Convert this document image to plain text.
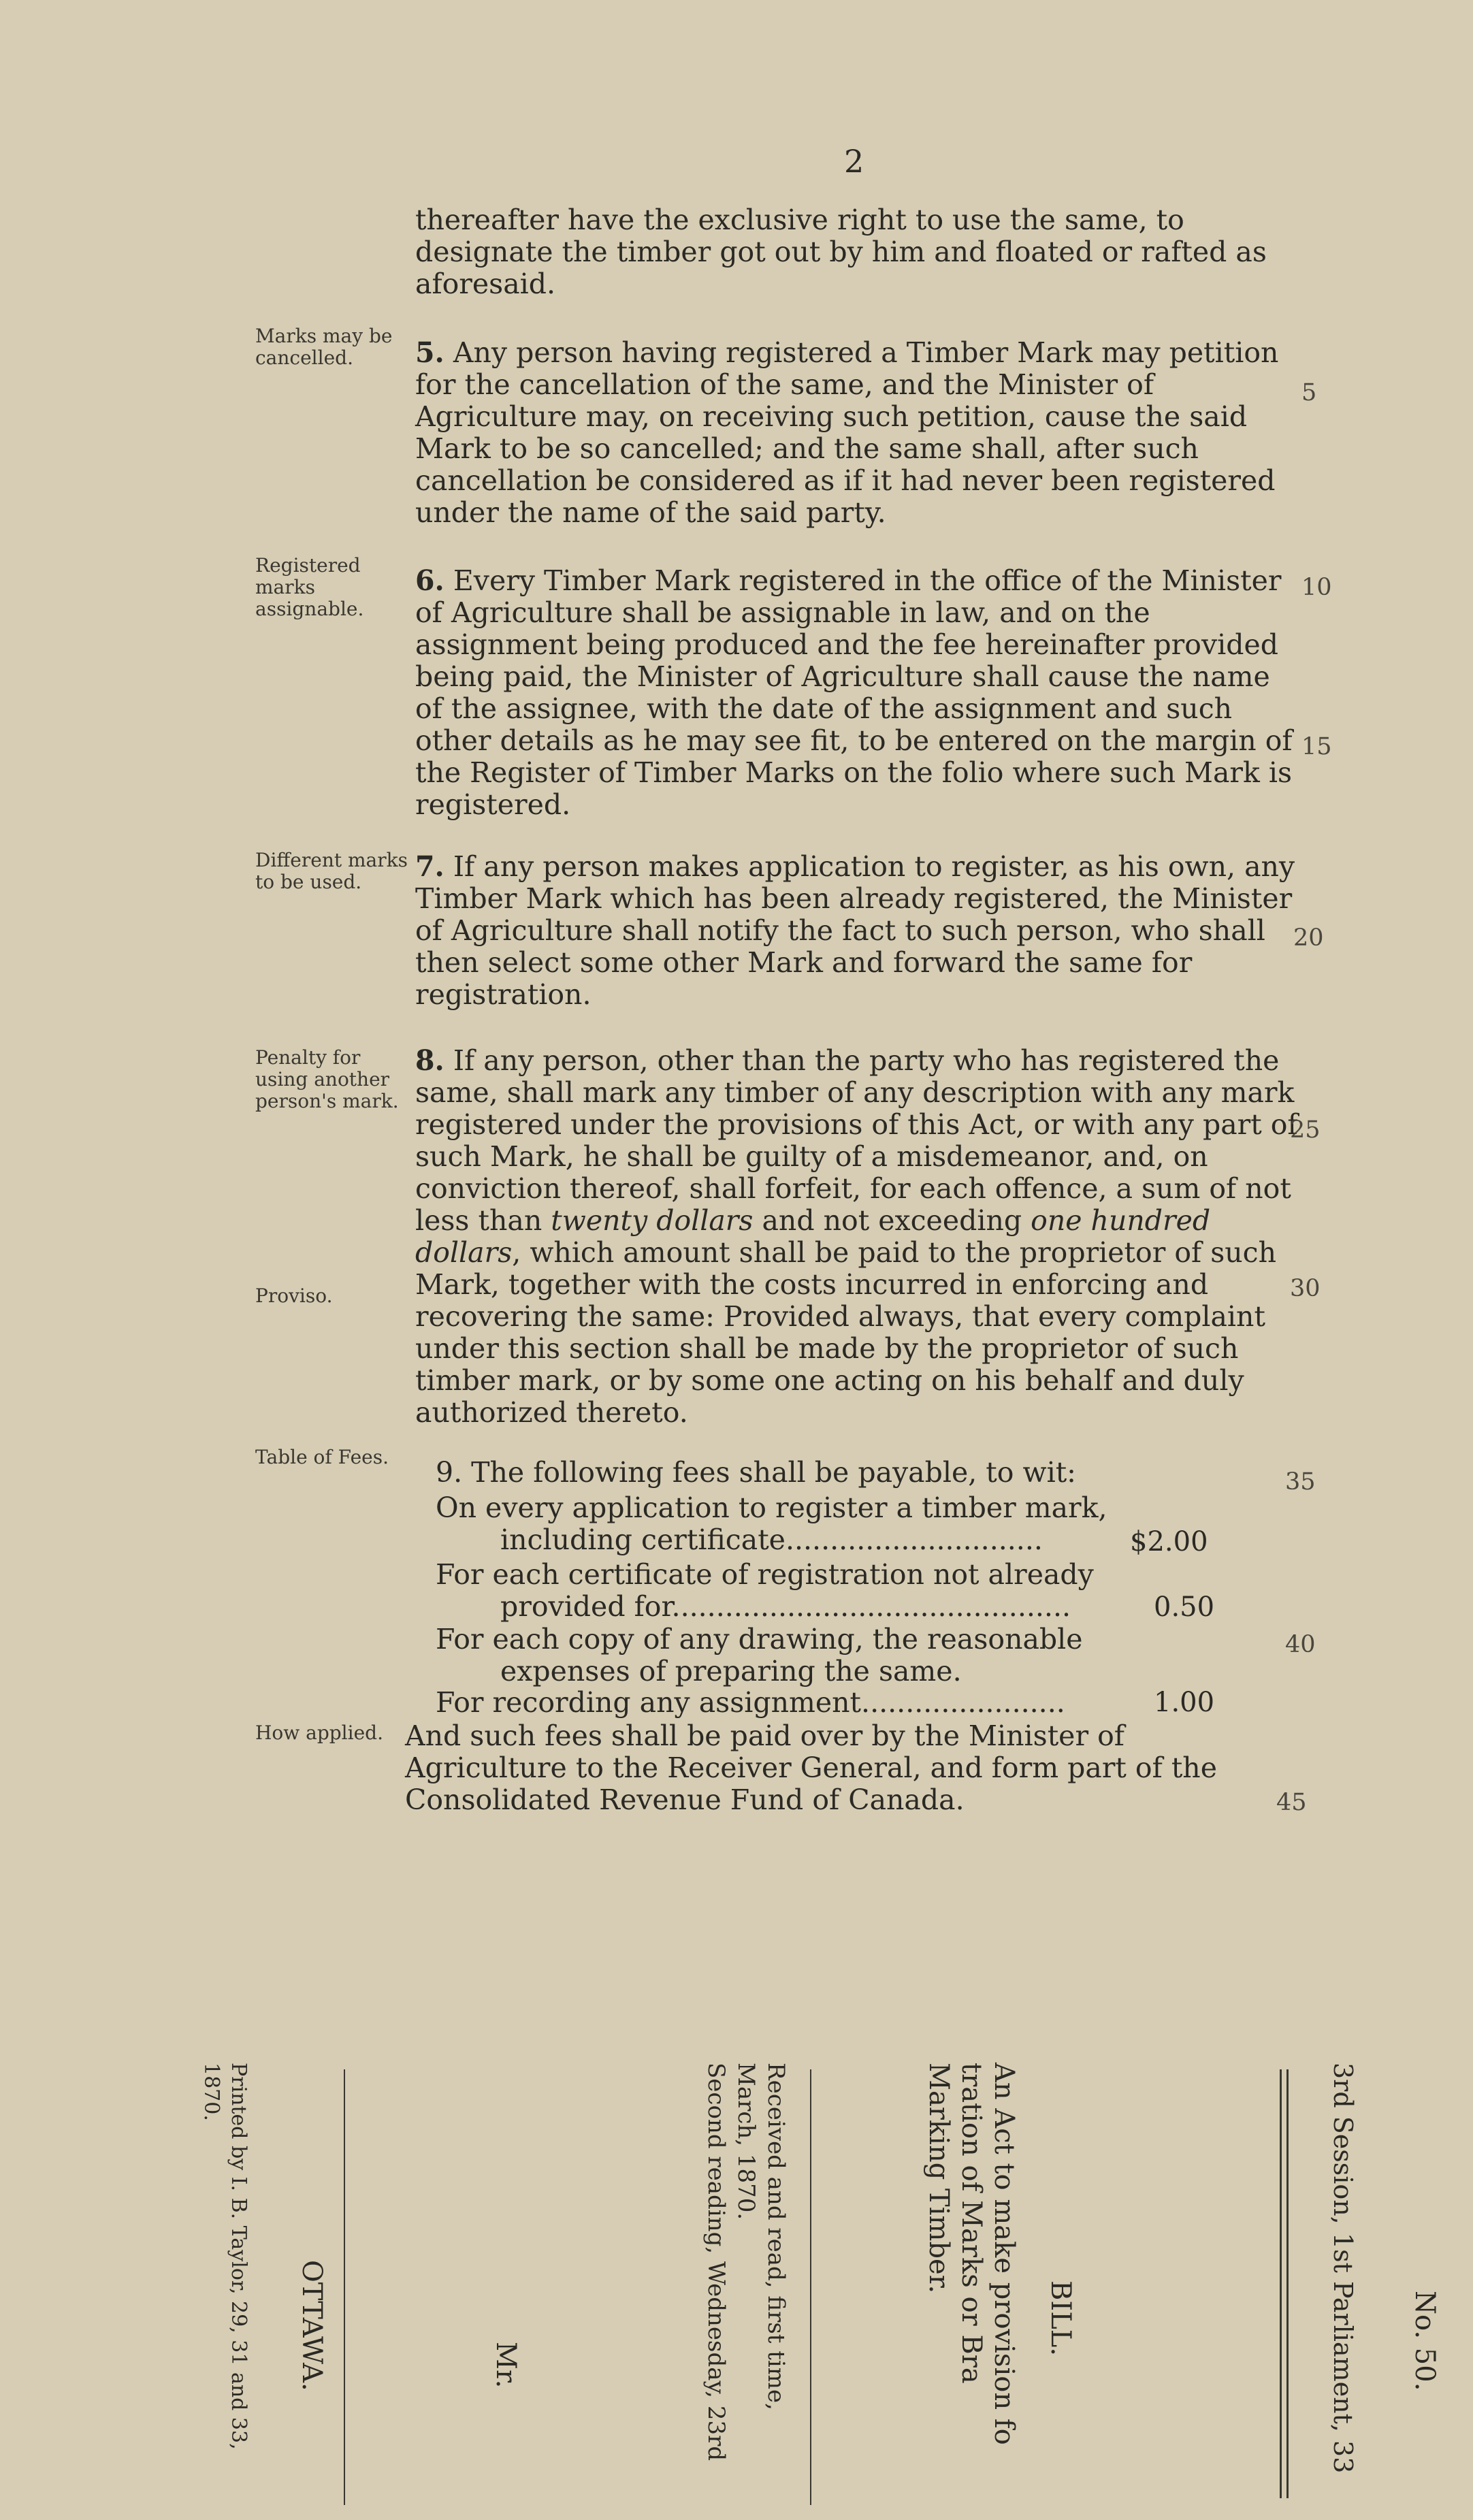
2
thereafter have the exclusive right to use the same, to designate the timber got out by him and floated or rafted as aforesaid.
Marks may be cancelled.	5. Any person having registered a Timber Mark may petition for the cancellation of the same, and the Minister of Agriculture may, on receiving such petition, cause the said Mark to be so cancelled; and the same shall, after such cancellation be considered as if it had never been registered under the name of the said party.
Registered marks assignable.
6. Every Timber Mark registered in the office of the Minister of Agriculture shall be assignable in law, and on the assignment being produced and the fee hereinafter provided being paid, the Minister of Agriculture shall cause the name of the assignee, with the date of the assignment and such other details as he may see fit, to be entered on the margin of the Register of Timber Marks on the folio where such Mark is registered.
Different marks to be used.	7. If any person makes application to register, as his own, any Timber Mark which has been already registered, the Minister of Agriculture shall notify the fact to such person, who shall then select some other Mark and forward the same for registration.
Penalty for using another person's mark.
Proviso.
8. If any person, other than the party who has registered the same, shall mark any timber of any description with any mark registered under the provisions of this Act, or with any part of such Mark, he shall be guilty of a misdemeanor, and, on conviction thereof, shall forfeit, for each offence, a sum of not less than twenty dollars and not exceeding one hundred dollars, which amount shall be paid to the proprietor of such Mark, together with the costs incurred in enforcing and recovering the same: Provided always, that every complaint under this section shall be made by the proprietor of such timber mark, or by some one acting on his behalf and duly authorized thereto.
Table of Fees.	9. The following fees shall be payable, to wit:
On every application to register a timber mark,
including certificate.............................	$2.00
For each certificate of registration not already
provided for.............................................	0.50
For each copy of any drawing, the reasonable
expenses of preparing the same.
For recording any assignment.......................	1.00
How applied. And such fees shall be paid over by the Minister of Agriculture to the Receiver General, and form part of the Consolidated Revenue Fund of Canada.
5
10
15
20
25
30
35
40
45
No. 50.
3rd Session, 1st Parliament, 33
BILL.
An Act to make provision fo
tration of Marks or Bra
Marking Timber.
Received and read, first time,
March, 1870.
Second reading, Wednesday, 23rd
Mr.
OTTAWA.
Printed by I. B. Taylor, 29, 31 and 33,
1870.
